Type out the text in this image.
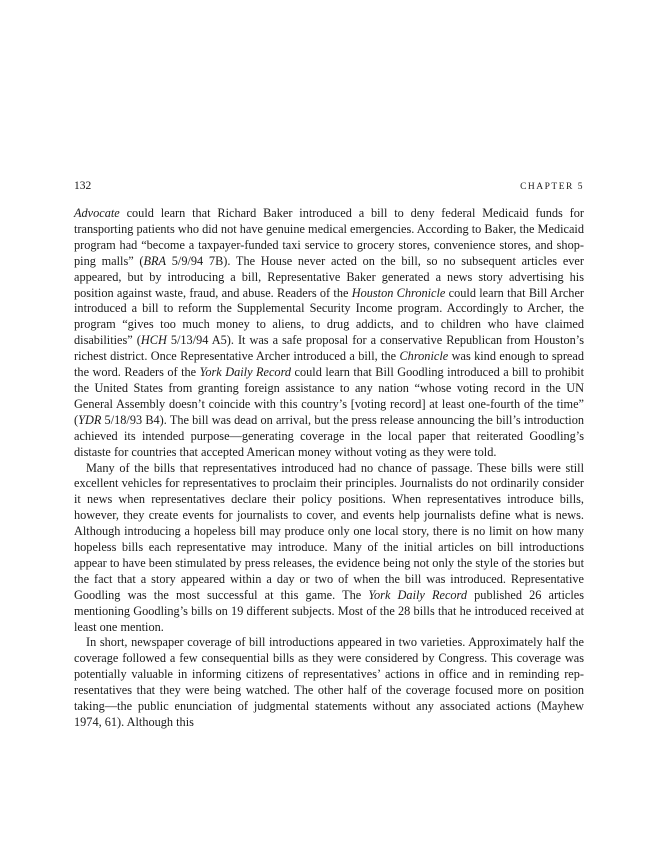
132	CHAPTER 5

Advocate could learn that Richard Baker introduced a bill to deny federal Medicaid funds for transporting patients who did not have genuine medical emergencies. According to Baker, the Medicaid program had “become a taxpayer-funded taxi service to grocery stores, convenience stores, and shopping malls” (BRA 5/9/94 7B). The House never acted on the bill, so no subsequent articles ever appeared, but by introducing a bill, Representative Baker generated a news story advertising his position against waste, fraud, and abuse. Readers of the Houston Chronicle could learn that Bill Archer introduced a bill to reform the Supplemental Security Income program. Accordingly to Archer, the program “gives too much money to aliens, to drug addicts, and to children who have claimed disabilities” (HCH 5/13/94 A5). It was a safe proposal for a conservative Republican from Houston’s richest district. Once Representative Archer introduced a bill, the Chronicle was kind enough to spread the word. Readers of the York Daily Record could learn that Bill Goodling introduced a bill to prohibit the United States from granting foreign assistance to any nation “whose voting record in the UN General Assembly doesn’t coincide with this country’s [voting record] at least one-fourth of the time” (YDR 5/18/93 B4). The bill was dead on arrival, but the press release announcing the bill’s introduction achieved its intended purpose—generating coverage in the local paper that reiterated Goodling’s distaste for countries that accepted American money without voting as they were told.

Many of the bills that representatives introduced had no chance of passage. These bills were still excellent vehicles for representatives to proclaim their principles. Journalists do not ordinarily consider it news when representatives declare their policy positions. When representatives introduce bills, however, they create events for journalists to cover, and events help journalists define what is news. Although introducing a hopeless bill may produce only one local story, there is no limit on how many hopeless bills each representative may introduce. Many of the initial articles on bill introductions appear to have been stimulated by press releases, the evidence being not only the style of the stories but the fact that a story appeared within a day or two of when the bill was introduced. Representative Goodling was the most successful at this game. The York Daily Record published 26 articles mentioning Goodling’s bills on 19 different subjects. Most of the 28 bills that he introduced received at least one mention.

In short, newspaper coverage of bill introductions appeared in two varieties. Approximately half the coverage followed a few consequential bills as they were considered by Congress. This coverage was potentially valuable in informing citizens of representatives’ actions in office and in reminding representatives that they were being watched. The other half of the coverage focused more on position taking—the public enunciation of judgmental statements without any associated actions (Mayhew 1974, 61). Although this
